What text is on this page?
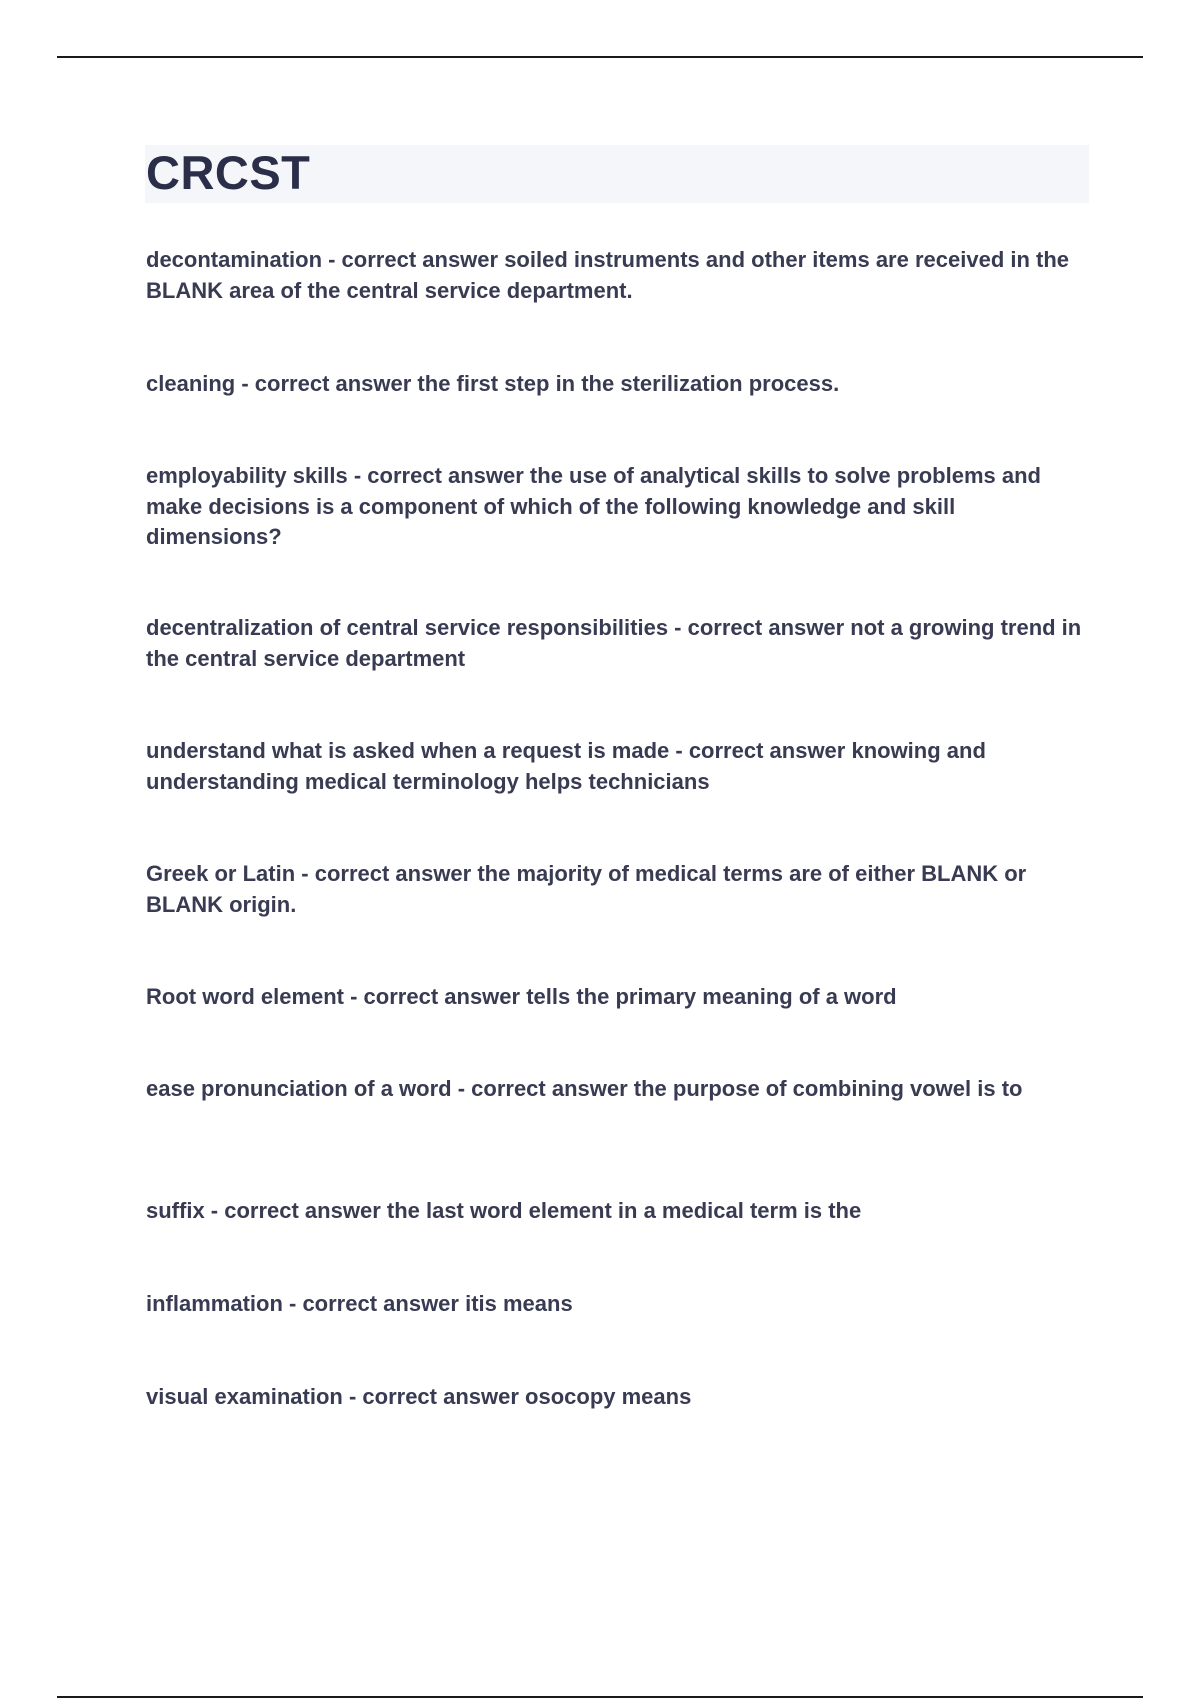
CRCST

decontamination - correct answer soiled instruments and other items are received in the BLANK area of the central service department.

cleaning - correct answer the first step in the sterilization process.

employability skills - correct answer the use of analytical skills to solve problems and make decisions is a component of which of the following knowledge and skill dimensions?

decentralization of central service responsibilities - correct answer not a growing trend in the central service department

understand what is asked when a request is made - correct answer knowing and understanding medical terminology helps technicians

Greek or Latin - correct answer the majority of medical terms are of either BLANK or BLANK origin.

Root word element - correct answer tells the primary meaning of a word

ease pronunciation of a word - correct answer the purpose of combining vowel is to

suffix - correct answer the last word element in a medical term is the

inflammation - correct answer itis means

visual examination - correct answer osocopy means
